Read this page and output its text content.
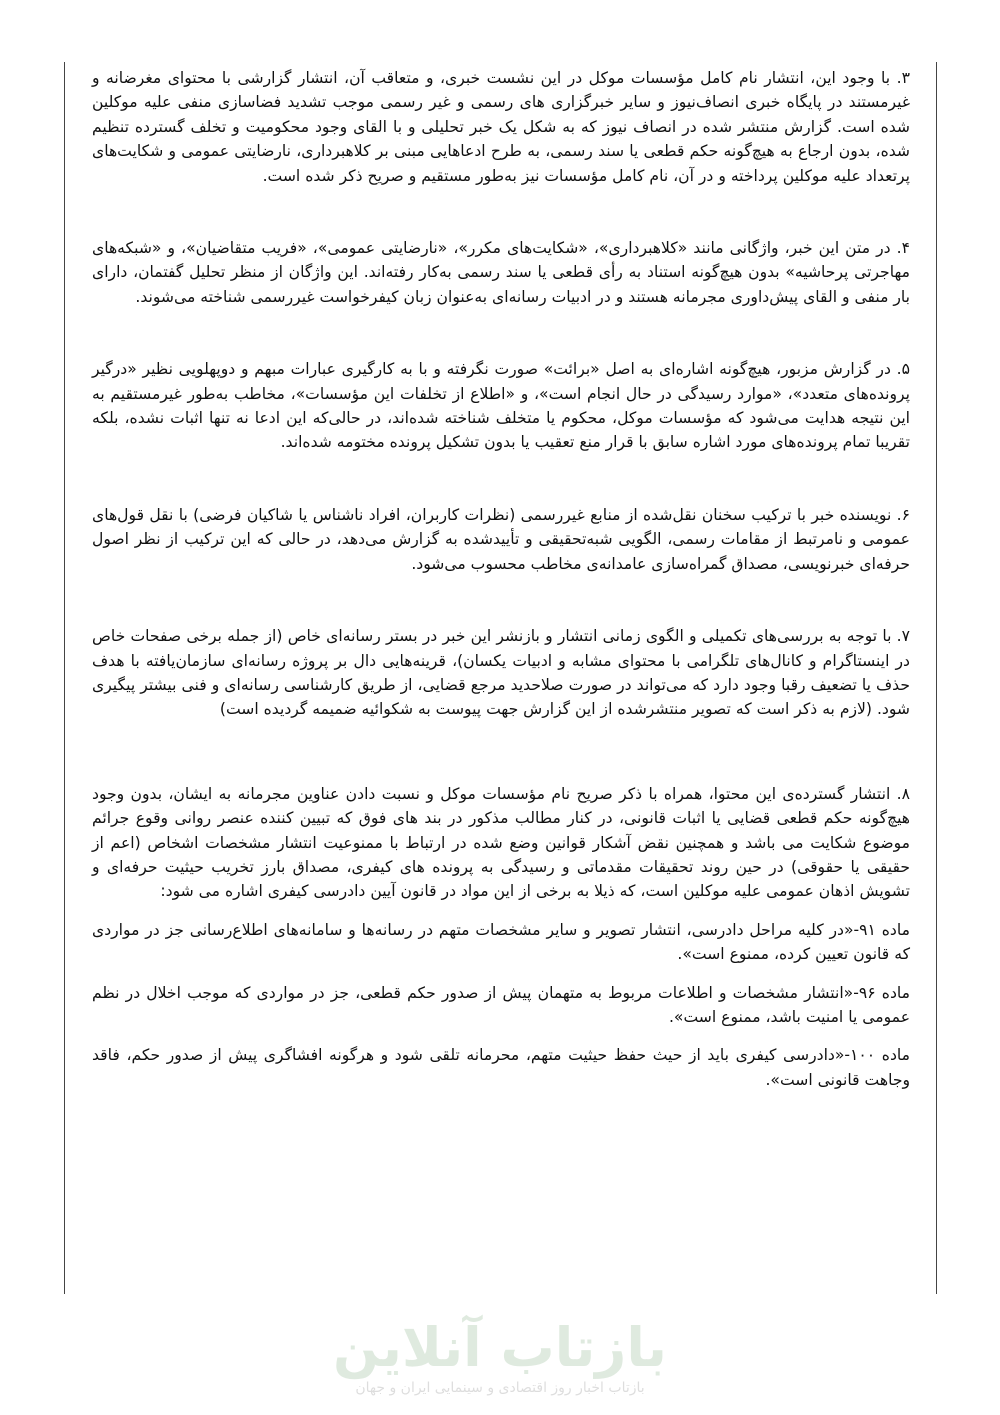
۳. با وجود این، انتشار نام کامل مؤسسات موکل در این نشست خبری، و متعاقب آن، انتشار گزارشی با محتوای مغرضانه و غیرمستند در پایگاه خبری انصاف‌نیوز و سایر خبرگزاری های رسمی و غیر رسمی موجب تشدید فضاسازی منفی علیه موکلین شده است. گزارش منتشر شده در انصاف نیوز که به شکل یک خبر تحلیلی و با القای وجود محکومیت و تخلف گسترده تنظیم شده، بدون ارجاع به هیچ‌گونه حکم قطعی یا سند رسمی، به طرح ادعاهایی مبنی بر کلاهبرداری، نارضایتی عمومی و شکایت‌های پرتعداد علیه موکلین پرداخته و در آن، نام کامل مؤسسات نیز به‌طور مستقیم و صریح ذکر شده است.

۴. در متن این خبر، واژگانی مانند «کلاهبرداری»، «شکایت‌های مکرر»، «نارضایتی عمومی»، «فریب متقاضیان»، و «شبکه‌های مهاجرتی پرحاشیه» بدون هیچ‌گونه استناد به رأی قطعی یا سند رسمی به‌کار رفته‌اند. این واژگان از منظر تحلیل گفتمان، دارای بار منفی و القای پیش‌داوری مجرمانه هستند و در ادبیات رسانه‌ای به‌عنوان زبان کیفرخواست غیررسمی شناخته می‌شوند.

۵. در گزارش مزبور، هیچ‌گونه اشاره‌ای به اصل «برائت» صورت نگرفته و با به کارگیری عبارات مبهم و دوپهلویی نظیر «درگیر پرونده‌های متعدد»، «موارد رسیدگی در حال انجام است»، و «اطلاع از تخلفات این مؤسسات»، مخاطب به‌طور غیرمستقیم به این نتیجه هدایت می‌شود که مؤسسات موکل، محکوم یا متخلف شناخته شده‌اند، در حالی‌که این ادعا نه تنها اثبات نشده، بلکه تقریبا تمام پرونده‌های مورد اشاره سابق با قرار منع تعقیب یا بدون تشکیل پرونده مختومه شده‌اند.

۶. نویسنده خبر با ترکیب سخنان نقل‌شده از منابع غیررسمی (نظرات کاربران، افراد ناشناس یا شاکیان فرضی) با نقل قول‌های عمومی و نامرتبط از مقامات رسمی، الگویی شبه‌تحقیقی و تأییدشده به گزارش می‌دهد، در حالی که این ترکیب از نظر اصول حرفه‌ای خبرنویسی، مصداق گمراه‌سازی عامدانه‌ی مخاطب محسوب می‌شود.

۷. با توجه به بررسی‌های تکمیلی و الگوی زمانی انتشار و بازنشر این خبر در بستر رسانه‌ای خاص (از جمله برخی صفحات خاص در اینستاگرام و کانال‌های تلگرامی با محتوای مشابه و ادبیات یکسان)، قرینه‌هایی دال بر پروژه رسانه‌ای سازمان‌یافته با هدف حذف یا تضعیف رقبا وجود دارد که می‌تواند در صورت صلاحدید مرجع قضایی، از طریق کارشناسی رسانه‌ای و فنی بیشتر پیگیری شود. (لازم به ذکر است که تصویر منتشرشده از این گزارش جهت پیوست به شکوائیه ضمیمه گردیده است)

۸. انتشار گسترده‌ی این محتوا، همراه با ذکر صریح نام مؤسسات موکل و نسبت دادن عناوین مجرمانه به ایشان، بدون وجود هیچ‌گونه حکم قطعی قضایی یا اثبات قانونی، در کنار مطالب مذکور در بند های فوق که تبیین کننده عنصر روانی وقوع جرائم موضوع شکایت می باشد و همچنین نقض آشکار قوانین وضع شده در ارتباط با ممنوعیت انتشار مشخصات اشخاص (اعم از حقیقی یا حقوقی) در حین روند تحقیقات مقدماتی و رسیدگی به پرونده های کیفری، مصداق بارز تخریب حیثیت حرفه‌ای و تشویش اذهان عمومی علیه موکلین است، که ذیلا به برخی از این مواد در قانون آیین دادرسی کیفری اشاره می شود:

ماده ۹۱-«در کلیه مراحل دادرسی، انتشار تصویر و سایر مشخصات متهم در رسانه‌ها و سامانه‌های اطلاع‌رسانی جز در مواردی که قانون تعیین کرده، ممنوع است».

ماده ۹۶-«انتشار مشخصات و اطلاعات مربوط به متهمان پیش از صدور حکم قطعی، جز در مواردی که موجب اخلال در نظم عمومی یا امنیت باشد، ممنوع است».

ماده ۱۰۰-«دادرسی کیفری باید از حیث حفظ حیثیت متهم، محرمانه تلقی شود و هرگونه افشاگری پیش از صدور حکم، فاقد وجاهت قانونی است».

بازتاب آنلاین
بازتاب اخبار روز اقتصادی و سینمایی ایران و جهان
